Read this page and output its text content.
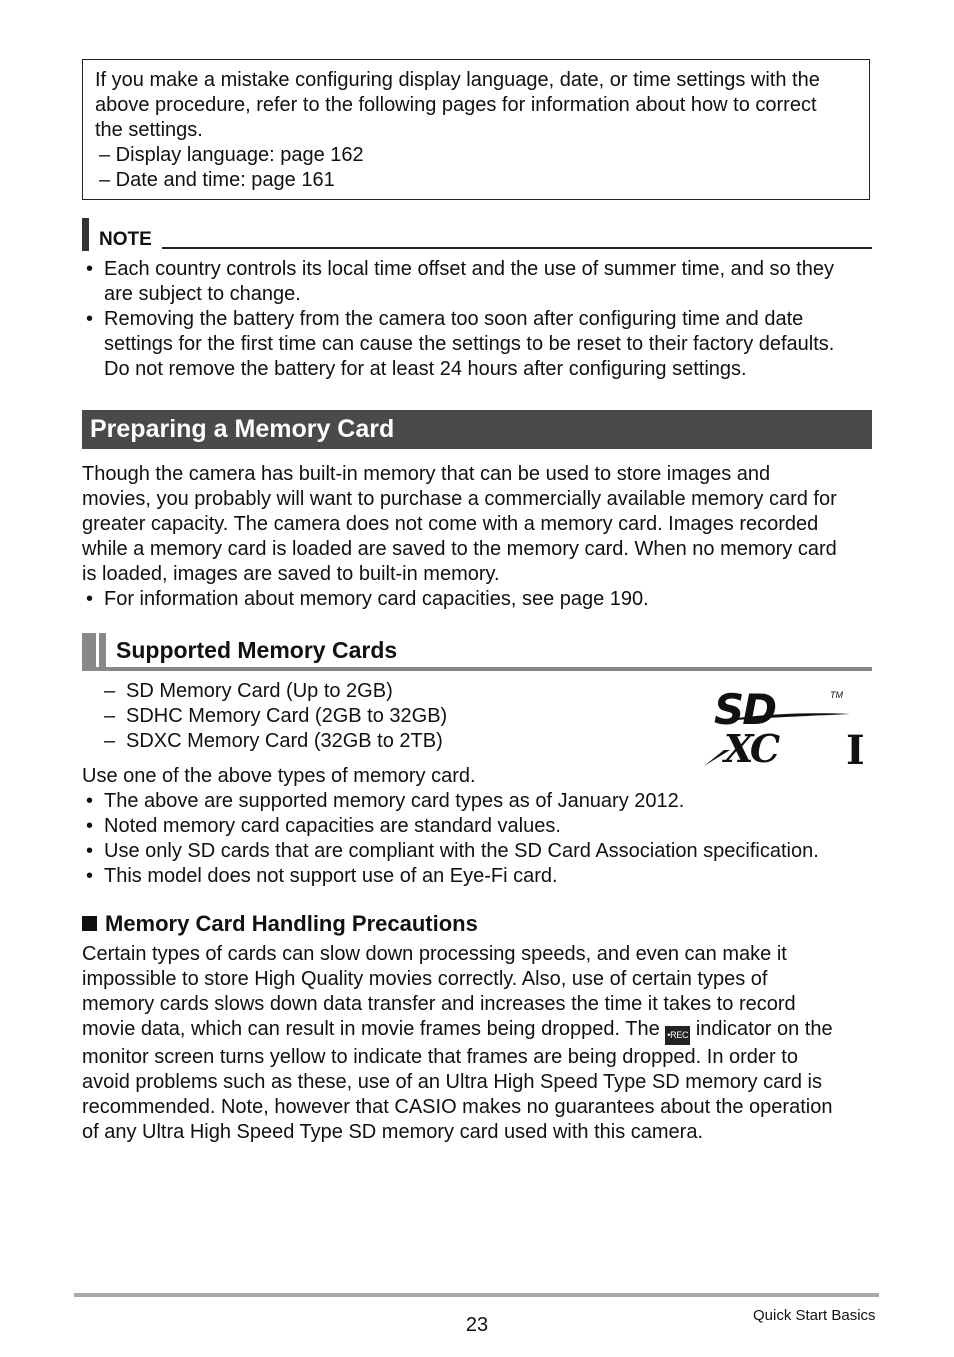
If you make a mistake configuring display language, date, or time settings with the

above procedure, refer to the following pages for information about how to correct

the settings.

– Display language: page 162

– Date and time: page 161

NOTE
• Each country controls its local time offset and the use of summer time, and so they
are subject to change.
• Removing the battery from the camera too soon after configuring time and date
settings for the first time can cause the settings to be reset to their factory defaults.
Do not remove the battery for at least 24 hours after configuring settings.
Preparing a Memory Card
Though the camera has built-in memory that can be used to store images and
movies, you probably will want to purchase a commercially available memory card for
greater capacity. The camera does not come with a memory card. Images recorded
while a memory card is loaded are saved to the memory card. When no memory card
is loaded, images are saved to built-in memory.
• For information about memory card capacities, see page 190.
Supported Memory Cards
– SD Memory Card (Up to 2GB)
– SDHC Memory Card (2GB to 32GB)
– SDXC Memory Card (32GB to 2TB)
SD	TM
XC I
Use one of the above types of memory card.
• The above are supported memory card types as of January 2012.
• Noted memory card capacities are standard values.
• Use only SD cards that are compliant with the SD Card Association specification.
• This model does not support use of an Eye-Fi card.
Memory Card Handling Precautions
Certain types of cards can slow down processing speeds, and even can make it
impossible to store High Quality movies correctly. Also, use of certain types of
memory cards slows down data transfer and increases the time it takes to record
movie data, which can result in movie frames being dropped. The •REC indicator on the
monitor screen turns yellow to indicate that frames are being dropped. In order to
avoid problems such as these, use of an Ultra High Speed Type SD memory card is
recommended. Note, however that CASIO makes no guarantees about the operation
of any Ultra High Speed Type SD memory card used with this camera.
23	Quick Start Basics
